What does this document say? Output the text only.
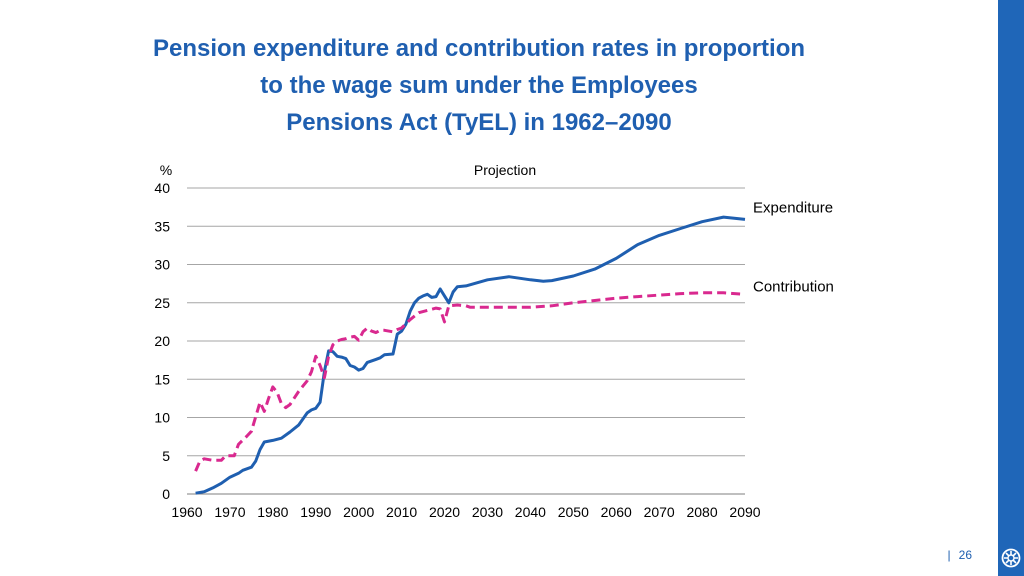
Pension expenditure and contribution rates in proportion
to the wage sum under the Employees
Pensions Act (TyEL) in 1962–2090
0
5
10
15
20
25
30
35
40
1960 1970 1980 1990 2000 2010 2020 2030 2040 2050 2060 2070 2080 2090
%	Projection
Expenditure
Contribution
| 26
